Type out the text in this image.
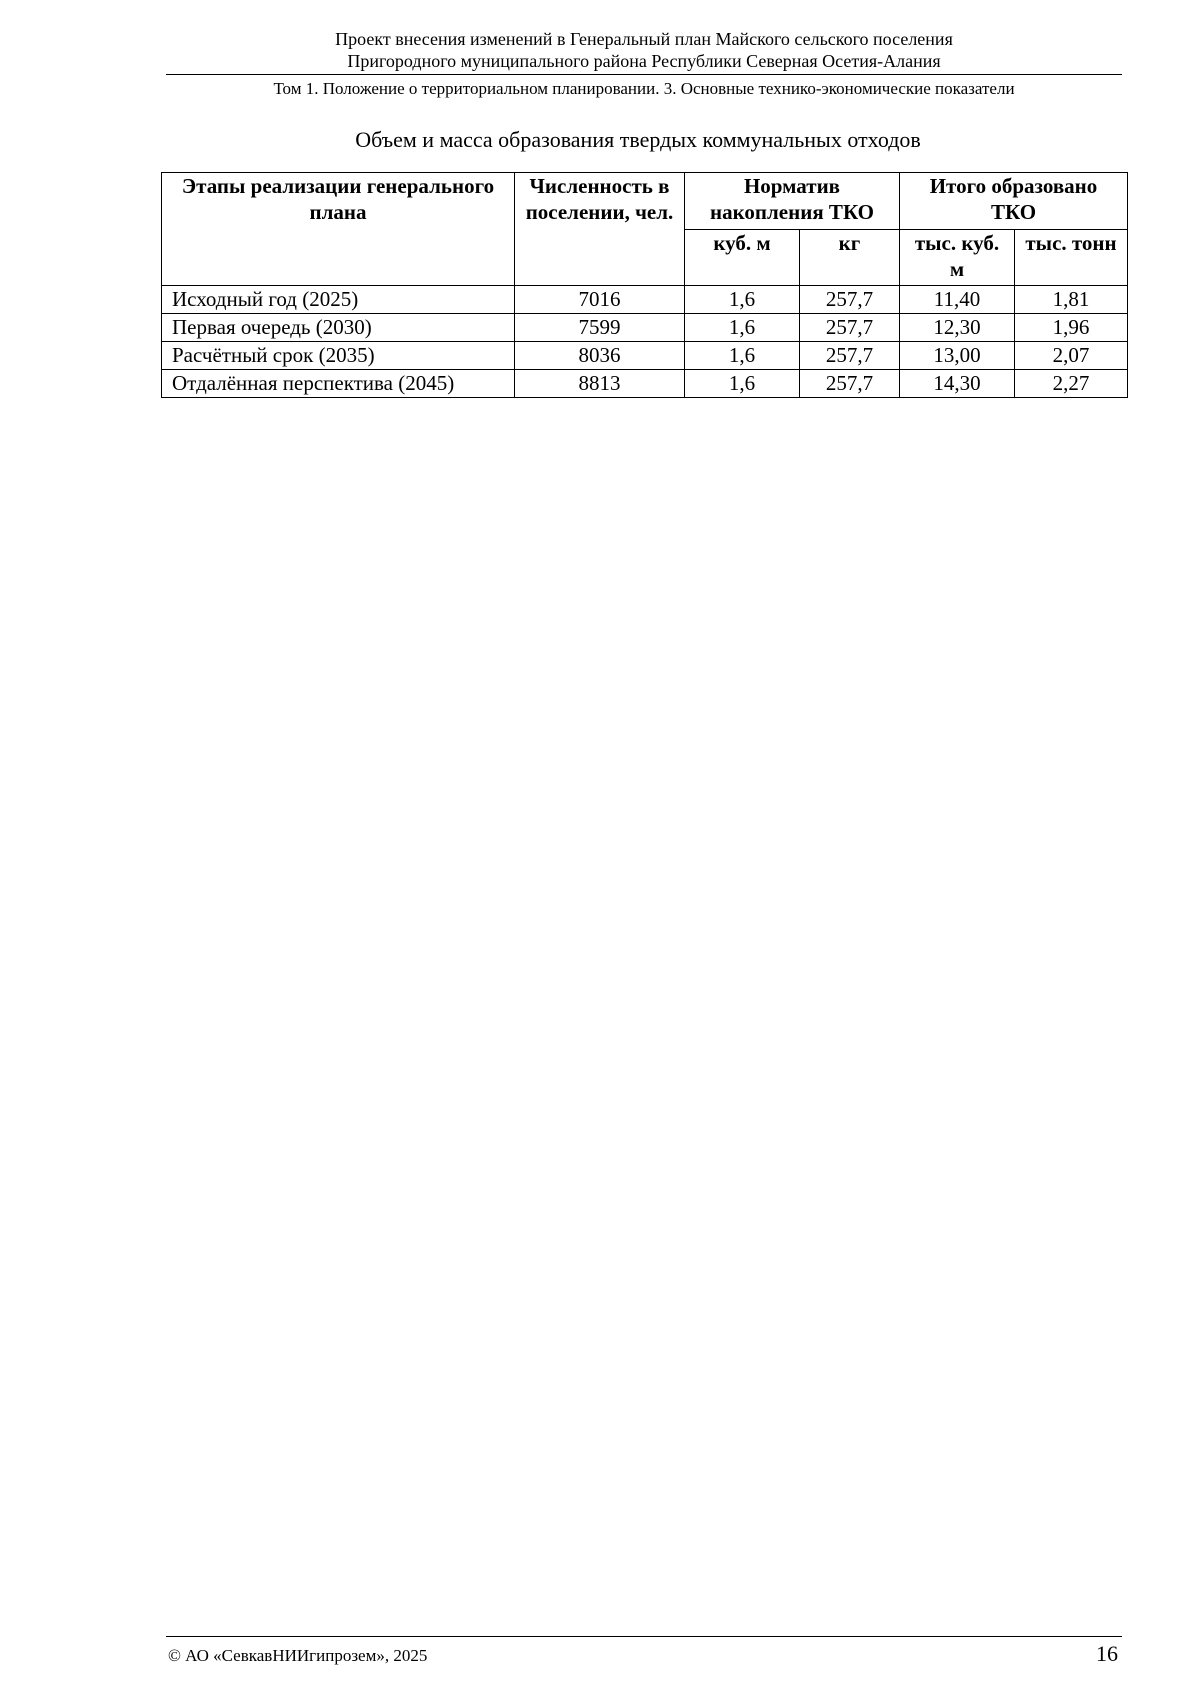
Проект внесения изменений в Генеральный план Майского сельского поселения
Пригородного муниципального района Республики Северная Осетия-Алания
Том 1. Положение о территориальном планировании. 3. Основные технико-экономические показатели
Объем и масса образования твердых коммунальных отходов
Этапы реализации генерального плана	Численность в поселении, чел.	Норматив накопления ТКО		Итого образовано ТКО	
		куб. м	кг	тыс. куб. м	тыс. тонн
Исходный год (2025)	7016	1,6	257,7	11,40	1,81
Первая очередь (2030)	7599	1,6	257,7	12,30	1,96
Расчётный срок (2035)	8036	1,6	257,7	13,00	2,07
Отдалённая перспектива (2045)	8813	1,6	257,7	14,30	2,27
© АО «СевкавНИИгипрозем», 2025	16
